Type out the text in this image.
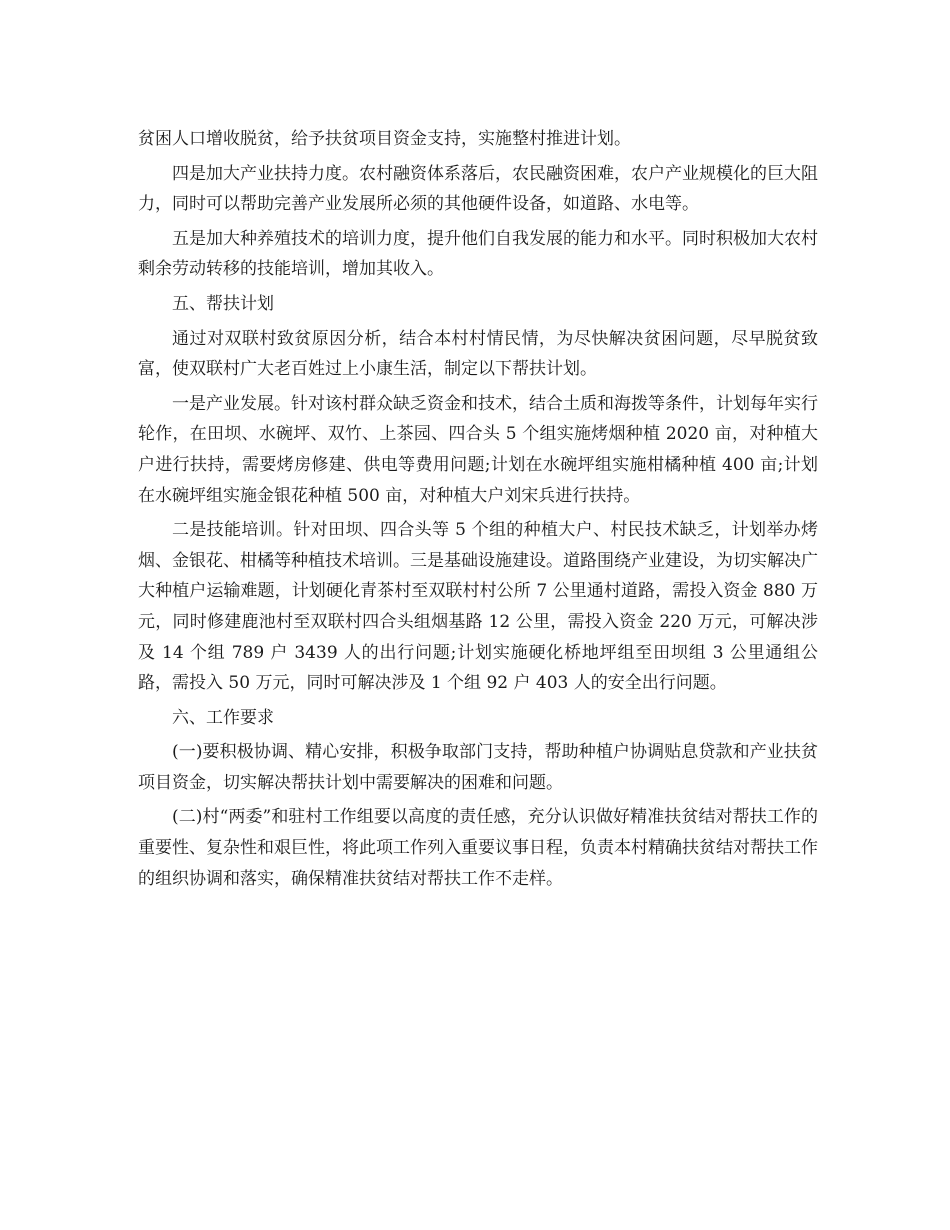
贫困人口增收脱贫，给予扶贫项目资金支持，实施整村推进计划。

四是加大产业扶持力度。农村融资体系落后，农民融资困难，农户产业规模化的巨大阻力，同时可以帮助完善产业发展所必须的其他硬件设备，如道路、水电等。

五是加大种养殖技术的培训力度，提升他们自我发展的能力和水平。同时积极加大农村剩余劳动转移的技能培训，增加其收入。

五、帮扶计划

通过对双联村致贫原因分析，结合本村村情民情，为尽快解决贫困问题，尽早脱贫致富，使双联村广大老百姓过上小康生活，制定以下帮扶计划。

一是产业发展。针对该村群众缺乏资金和技术，结合土质和海拨等条件，计划每年实行轮作，在田坝、水碗坪、双竹、上茶园、四合头 5 个组实施烤烟种植 2020 亩，对种植大户进行扶持，需要烤房修建、供电等费用问题;计划在水碗坪组实施柑橘种植 400 亩;计划在水碗坪组实施金银花种植 500 亩，对种植大户刘宋兵进行扶持。

二是技能培训。针对田坝、四合头等 5 个组的种植大户、村民技术缺乏，计划举办烤烟、金银花、柑橘等种植技术培训。三是基础设施建设。道路围绕产业建设，为切实解决广大种植户运输难题，计划硬化青茶村至双联村村公所 7 公里通村道路，需投入资金 880 万元，同时修建鹿池村至双联村四合头组烟基路 12 公里，需投入资金 220 万元，可解决涉及 14 个组 789 户 3439 人的出行问题;计划实施硬化桥地坪组至田坝组 3 公里通组公路，需投入 50 万元，同时可解决涉及 1 个组 92 户 403 人的安全出行问题。

六、工作要求

(一)要积极协调、精心安排，积极争取部门支持，帮助种植户协调贴息贷款和产业扶贫项目资金，切实解决帮扶计划中需要解决的困难和问题。

(二)村“两委”和驻村工作组要以高度的责任感，充分认识做好精准扶贫结对帮扶工作的重要性、复杂性和艰巨性，将此项工作列入重要议事日程，负责本村精确扶贫结对帮扶工作的组织协调和落实，确保精准扶贫结对帮扶工作不走样。
